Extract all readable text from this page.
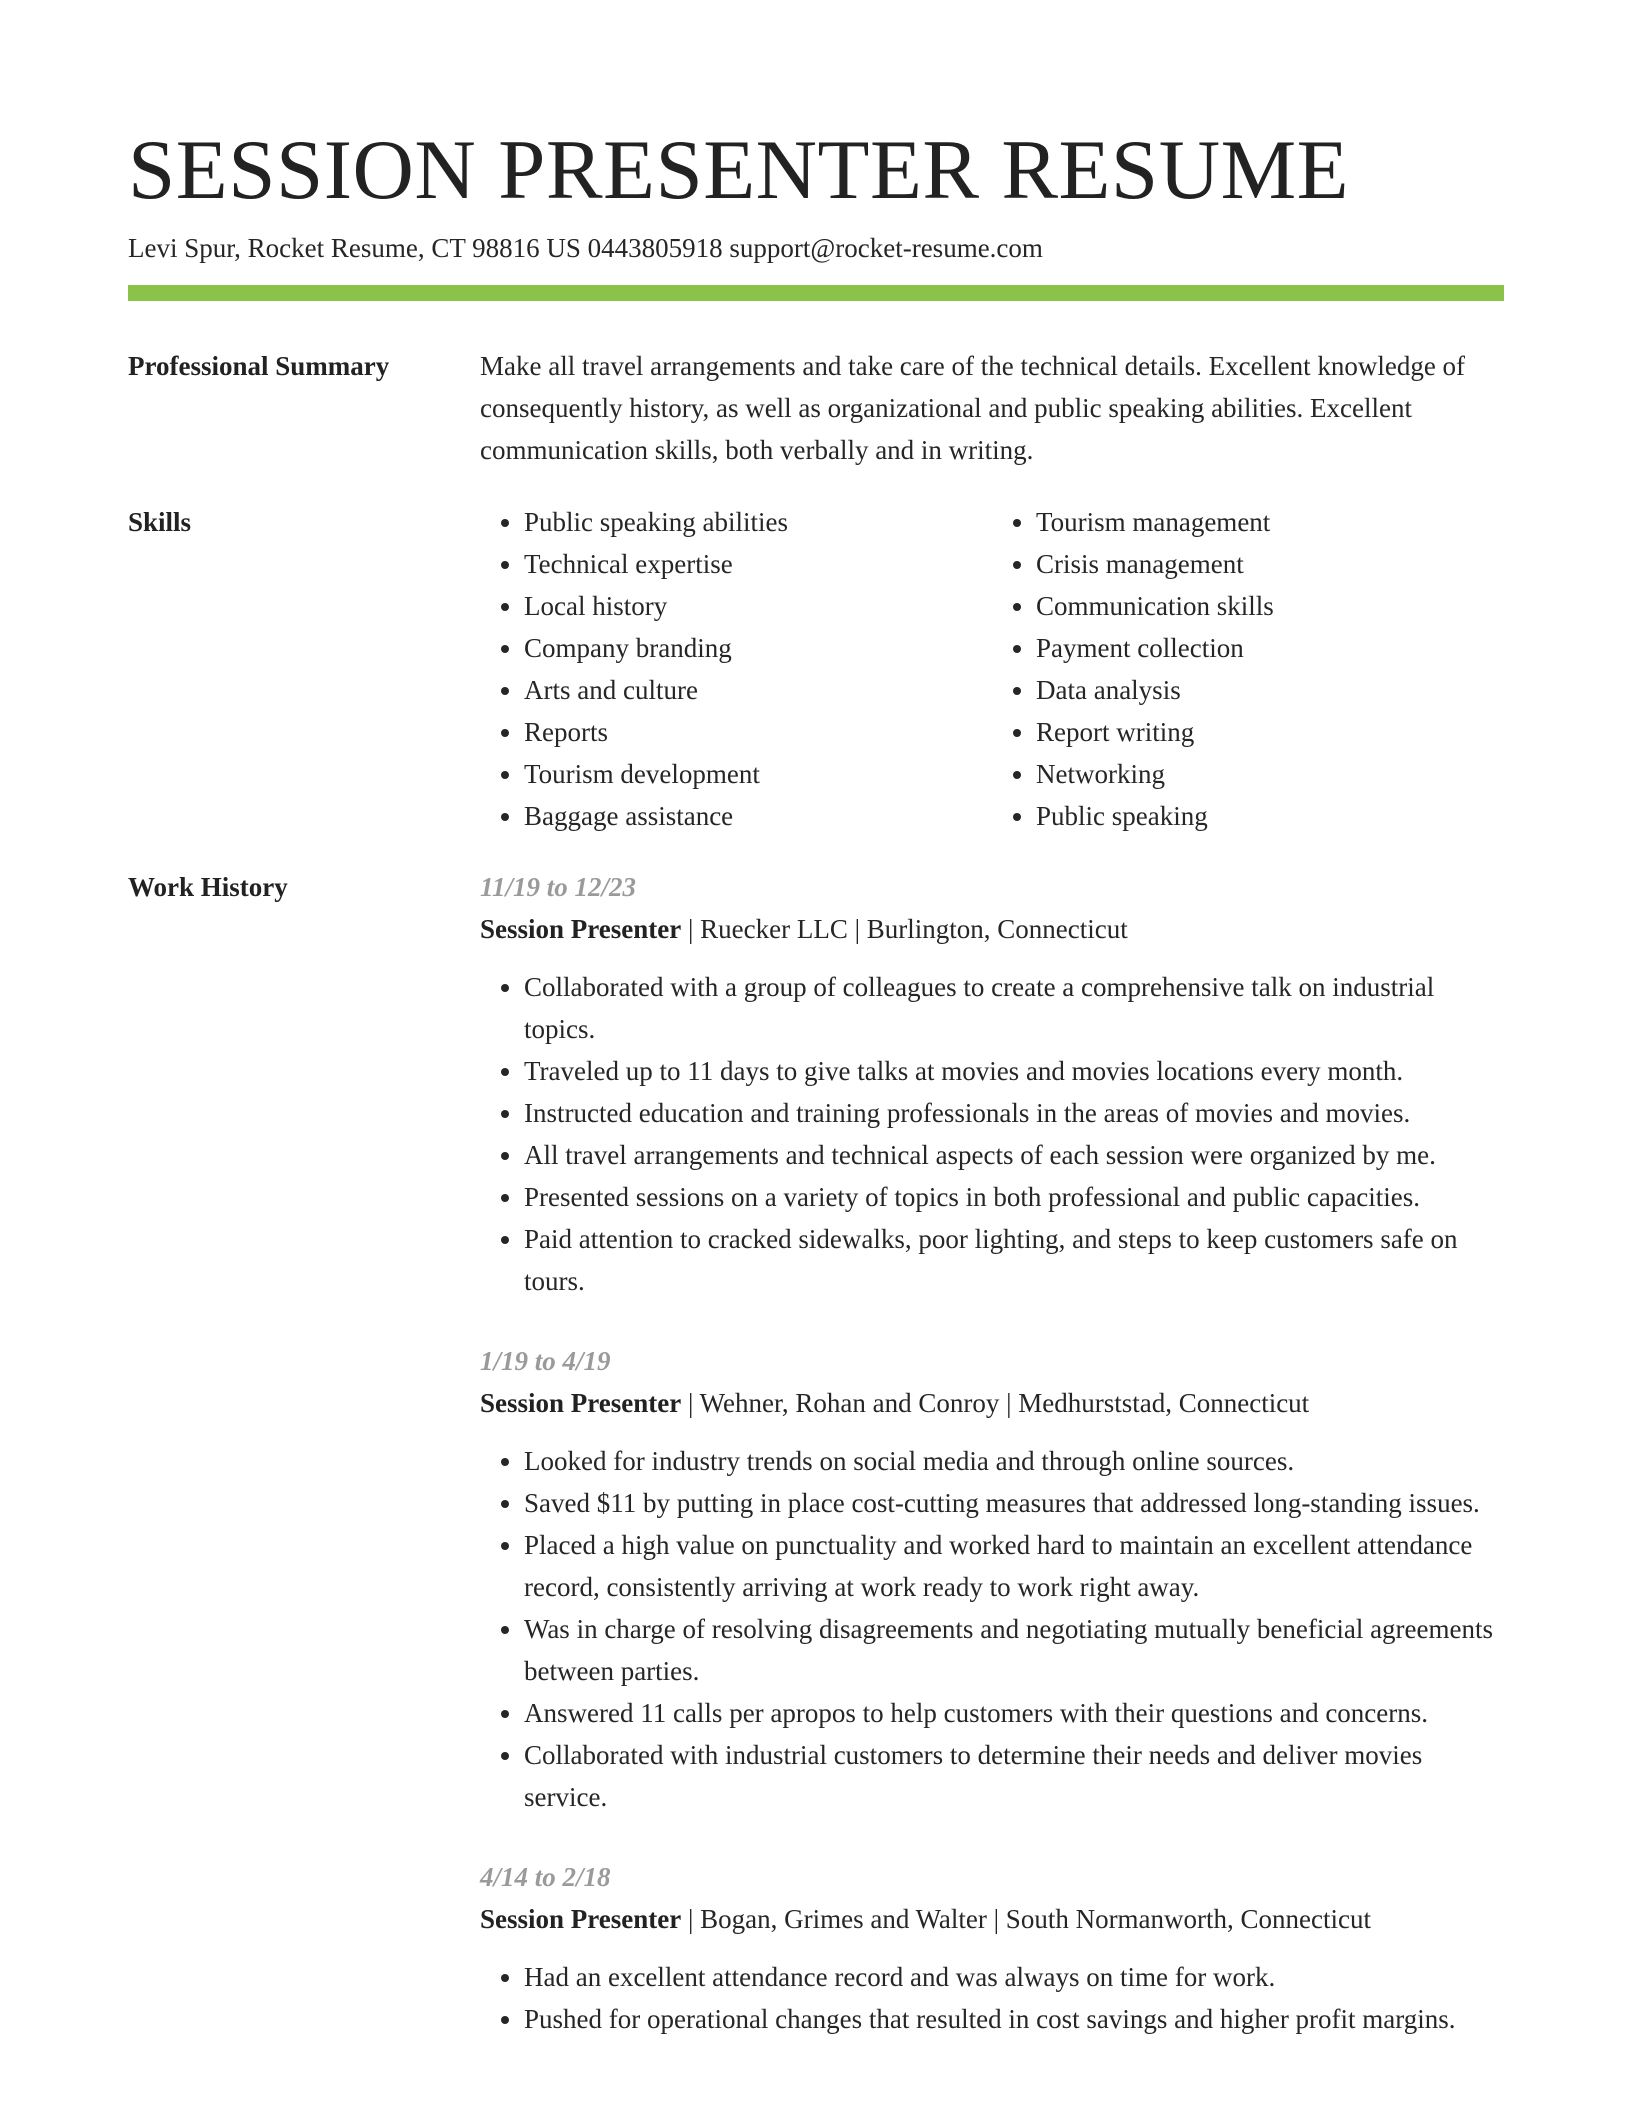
SESSION PRESENTER RESUME
Levi Spur, Rocket Resume, CT 98816 US 0443805918 support@rocket-resume.com
Professional Summary	Make all travel arrangements and take care of the technical details. Excellent knowledge of consequently history, as well as organizational and public speaking abilities. Excellent communication skills, both verbally and in writing.

Skills
•	Public speaking abilities
• Technical expertise
• Local history
• Company branding
• Arts and culture
• Reports
• Tourism development
• Baggage assistance
• Tourism management
• Crisis management
• Communication skills
• Payment collection
• Data analysis
• Report writing
• Networking
• Public speaking
Work History	11/19 to 12/23
Session Presenter | Ruecker LLC | Burlington, Connecticut
• Collaborated with a group of colleagues to create a comprehensive talk on industrial topics.
• Traveled up to 11 days to give talks at movies and movies locations every month.
• Instructed education and training professionals in the areas of movies and movies.
• All travel arrangements and technical aspects of each session were organized by me.
• Presented sessions on a variety of topics in both professional and public capacities.
• Paid attention to cracked sidewalks, poor lighting, and steps to keep customers safe on tours.
1/19 to 4/19
Session Presenter | Wehner, Rohan and Conroy | Medhurststad, Connecticut
• Looked for industry trends on social media and through online sources.
• Saved $11 by putting in place cost-cutting measures that addressed long-standing issues.
• Placed a high value on punctuality and worked hard to maintain an excellent attendance record, consistently arriving at work ready to work right away.
• Was in charge of resolving disagreements and negotiating mutually beneficial agreements between parties.
• Answered 11 calls per apropos to help customers with their questions and concerns.
• Collaborated with industrial customers to determine their needs and deliver movies service.
4/14 to 2/18
Session Presenter | Bogan, Grimes and Walter | South Normanworth, Connecticut
• Had an excellent attendance record and was always on time for work.
• Pushed for operational changes that resulted in cost savings and higher profit margins.
